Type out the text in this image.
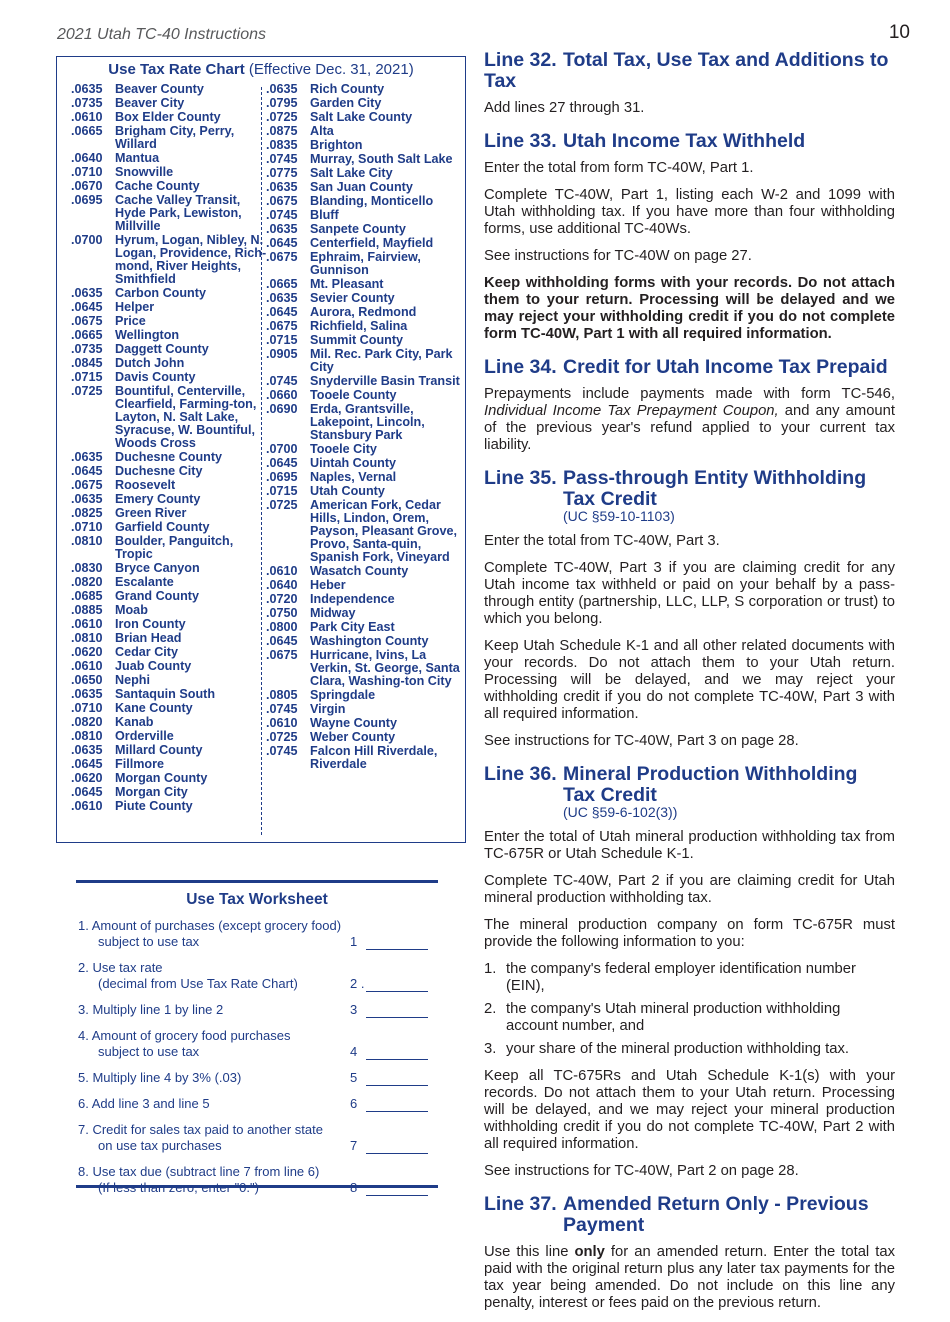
2021 Utah TC-40 Instructions	10
Use Tax Rate Chart (Effective Dec. 31, 2021)
.0635 Beaver County
.0735 Beaver City
.0610 Box Elder County
.0665 Brigham City, Perry, Willard
.0640 Mantua
.0710 Snowville
.0670 Cache County
.0695 Cache Valley Transit, Hyde Park, Lewiston, Millville
.0700 Hyrum, Logan, Nibley, N. Logan, Providence, Rich-mond, River Heights, Smithfield
.0635 Carbon County
.0645 Helper
.0675 Price
.0665 Wellington
.0735 Daggett County
.0845 Dutch John
.0715 Davis County
.0725 Bountiful, Centerville, Clearfield, Farming-ton, Layton, N. Salt Lake, Syracuse, W. Bountiful, Woods Cross
.0635 Duchesne County
.0645 Duchesne City
.0675 Roosevelt
.0635 Emery County
.0825 Green River
.0710 Garfield County
.0810 Boulder, Panguitch, Tropic
.0830 Bryce Canyon
.0820 Escalante
.0685 Grand County
.0885 Moab
.0610 Iron County
.0810 Brian Head
.0620 Cedar City
.0610 Juab County
.0650 Nephi
.0635 Santaquin South
.0710 Kane County
.0820 Kanab
.0810 Orderville
.0635 Millard County
.0645 Fillmore
.0620 Morgan County
.0645 Morgan City
.0610 Piute County
.0635 Rich County
.0795 Garden City
.0725 Salt Lake County
.0875 Alta
.0835 Brighton
.0745 Murray, South Salt Lake
.0775 Salt Lake City
.0635 San Juan County
.0675 Blanding, Monticello
.0745 Bluff
.0635 Sanpete County
.0645 Centerfield, Mayfield
.0675 Ephraim, Fairview, Gunnison
.0665 Mt. Pleasant
.0635 Sevier County
.0645 Aurora, Redmond
.0675 Richfield, Salina
.0715 Summit County
.0905 Mil. Rec. Park City, Park City
.0745 Snyderville Basin Transit
.0660 Tooele County
.0690 Erda, Grantsville, Lakepoint, Lincoln, Stansbury Park
.0700 Tooele City
.0645 Uintah County
.0695 Naples, Vernal
.0715 Utah County
.0725 American Fork, Cedar Hills, Lindon, Orem, Payson, Pleasant Grove, Provo, Santa-quin, Spanish Fork, Vineyard
.0610 Wasatch County
.0640 Heber
.0720 Independence
.0750 Midway
.0800 Park City East
.0645 Washington County
.0675 Hurricane, Ivins, La Verkin, St. George, Santa Clara, Washing-ton City
.0805 Springdale
.0745 Virgin
.0610 Wayne County
.0725 Weber County
.0745 Falcon Hill Riverdale, Riverdale
Use Tax Worksheet
1. Amount of purchases (except grocery food)
subject to use tax	1
2. Use tax rate
(decimal from Use Tax Rate Chart)	2 .
3. Multiply line 1 by line 2	3
4. Amount of grocery food purchases
subject to use tax	4
5. Multiply line 4 by 3% (.03)	5
6. Add line 3 and line 5	6
7. Credit for sales tax paid to another state
on use tax purchases	7
8. Use tax due (subtract line 7 from line 6)
(If less than zero, enter "0.")	8
Line 32. Total Tax, Use Tax and Additions to Tax

Add lines 27 through 31.

Line 33. Utah Income Tax Withheld

Enter the total from form TC-40W, Part 1.

Complete TC-40W, Part 1, listing each W-2 and 1099 with Utah withholding tax. If you have more than four withholding forms, use additional TC-40Ws.

See instructions for TC-40W on page 27.

Keep withholding forms with your records. Do not attach them to your return. Processing will be delayed and we may reject your withholding credit if you do not complete form TC-40W, Part 1 with all required information.

Line 34. Credit for Utah Income Tax Prepaid

Prepayments include payments made with form TC-546, Individual Income Tax Prepayment Coupon, and any amount of the previous year's refund applied to your current tax liability.

Line 35. Pass-through Entity Withholding
Tax Credit
(UC §59-10-1103)

Enter the total from TC-40W, Part 3.

Complete TC-40W, Part 3 if you are claiming credit for any Utah income tax withheld or paid on your behalf by a pass-through entity (partnership, LLC, LLP, S corporation or trust) to which you belong.

Keep Utah Schedule K-1 and all other related documents with your records. Do not attach them to your Utah return. Processing will be delayed, and we may reject your withholding credit if you do not complete TC-40W, Part 3 with all required information.

See instructions for TC-40W, Part 3 on page 28.

Line 36. Mineral Production Withholding
Tax Credit
(UC §59-6-102(3))

Enter the total of Utah mineral production withholding tax from TC-675R or Utah Schedule K-1.

Complete TC-40W, Part 2 if you are claiming credit for Utah mineral production withholding tax.

The mineral production company on form TC-675R must provide the following information to you:

1. the company's federal employer identification number (EIN),
2. the company's Utah mineral production withholding account number, and
3. your share of the mineral production withholding tax.

Keep all TC-675Rs and Utah Schedule K-1(s) with your records. Do not attach them to your Utah return. Processing will be delayed, and we may reject your mineral production withholding credit if you do not complete TC-40W, Part 2 with all required information.

See instructions for TC-40W, Part 2 on page 28.

Line 37. Amended Return Only - Previous
Payment

Use this line only for an amended return. Enter the total tax paid with the original return plus any later tax payments for the tax year being amended. Do not include on this line any penalty, interest or fees paid on the previous return.
